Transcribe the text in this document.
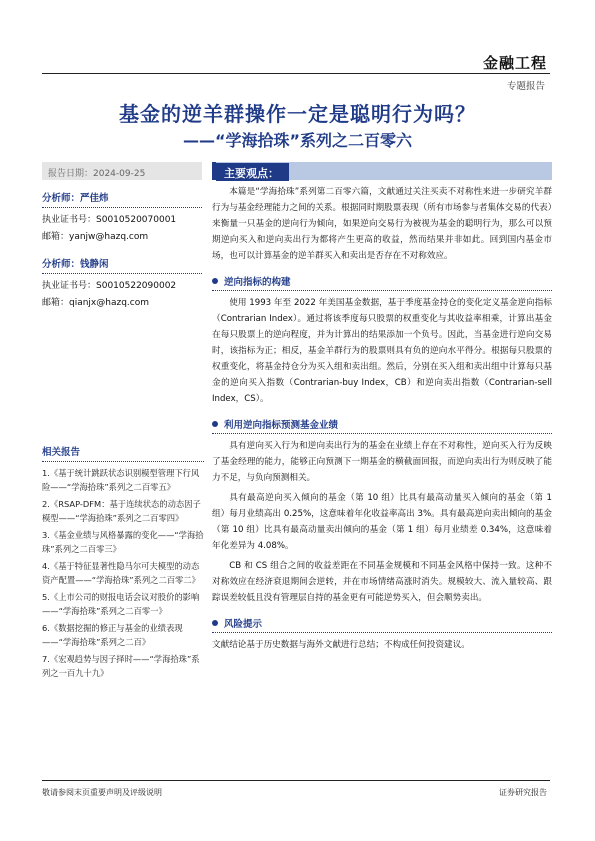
金融工程
专题报告
基金的逆羊群操作一定是聪明行为吗？
——“学海拾珠”系列之二百零六
报告日期：2024-09-25
分析师：严佳炜
执业证书号：S0010520070001
邮箱：yanjw@hazq.com
分析师：钱静闲
执业证书号：S0010522090002
邮箱：qianjx@hazq.com
相关报告
1.《基于统计跳跃状态识别模型管理下行风险——“学海拾珠”系列之二百零五》
2.《RSAP-DFM：基于连续状态的动态因子模型——“学海拾珠”系列之二百零四》
3.《基金业绩与风格暴露的变化——“学海拾珠”系列之二百零三》
4.《基于特征显著性隐马尔可夫模型的动态资产配置——“学海拾珠”系列之二百零二》
5.《上市公司的财报电话会议对股价的影响——“学海拾珠”系列之二百零一》
6.《数据挖掘的修正与基金的业绩表现——“学海拾珠”系列之二百》
7.《宏观趋势与因子择时——“学海拾珠”系列之一百九十九》
主要观点：
本篇是“学海拾珠”系列第二百零六篇，文献通过关注买卖不对称性来进一步研究羊群行为与基金经理能力之间的关系。根据同时期股票表现（所有市场参与者集体交易的代表）来衡量一只基金的逆向行为倾向，如果逆向交易行为被视为基金的聪明行为，那么可以预期逆向买入和逆向卖出行为都将产生更高的收益，然而结果并非如此。回到国内基金市场，也可以计算基金的逆羊群买入和卖出是否存在不对称效应。
逆向指标的构建
使用 1993 年至 2022 年美国基金数据，基于季度基金持仓的变化定义基金逆向指标（Contrarian Index）。通过将该季度每只股票的权重变化与其收益率相乘，计算出基金在每只股票上的逆向程度，并为计算出的结果添加一个负号。因此，当基金进行逆向交易时，该指标为正；相反，基金羊群行为的股票则具有负的逆向水平得分。根据每只股票的权重变化，将基金持仓分为买入组和卖出组。然后，分别在买入组和卖出组中计算每只基金的逆向买入指数（Contrarian-buy Index，CB）和逆向卖出指数（Contrarian-sell Index，CS）。
利用逆向指标预测基金业绩
具有逆向买入行为和逆向卖出行为的基金在业绩上存在不对称性，逆向买入行为反映了基金经理的能力，能够正向预测下一期基金的横截面回报，而逆向卖出行为则反映了能力不足，与负向预测相关。
具有最高逆向买入倾向的基金（第 10 组）比具有最高动量买入倾向的基金（第 1 组）每月业绩高出 0.25%，这意味着年化收益率高出 3%。具有最高逆向卖出倾向的基金（第 10 组）比具有最高动量卖出倾向的基金（第 1 组）每月业绩差 0.34%，这意味着年化差异为 4.08%。
CB 和 CS 组合之间的收益差距在不同基金规模和不同基金风格中保持一致。这种不对称效应在经济衰退期间会逆转，并在市场情绪高涨时消失。规模较大、流入量较高、跟踪误差较低且没有管理层自持的基金更有可能逆势买入，但会顺势卖出。
风险提示
文献结论基于历史数据与海外文献进行总结；不构成任何投资建议。
敬请参阅末页重要声明及评级说明	证券研究报告
